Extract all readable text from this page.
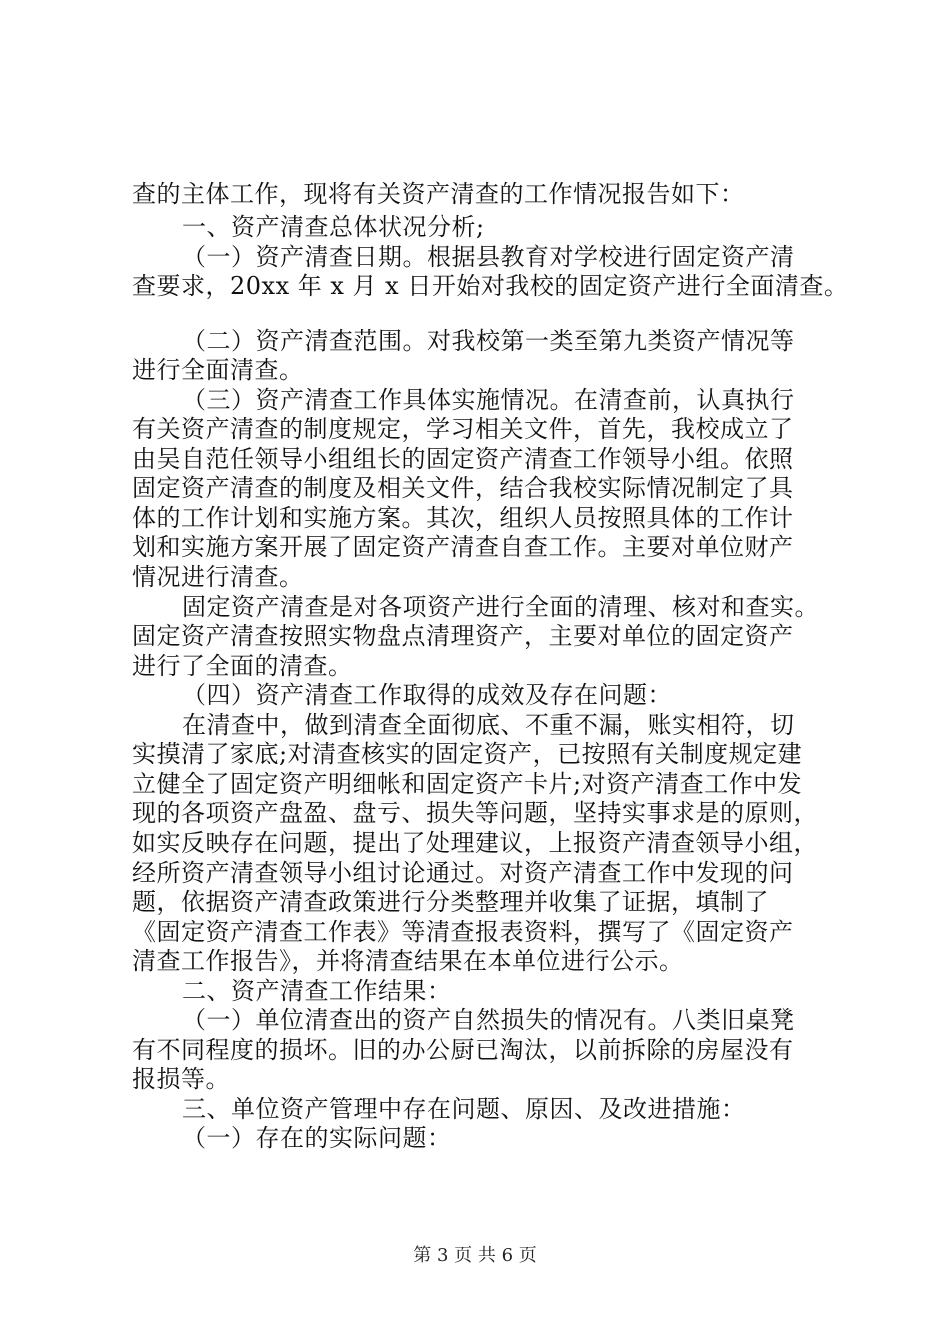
查的主体工作，现将有关资产清查的工作情况报告如下：
一、资产清查总体状况分析;
（一）资产清查日期。根据县教育对学校进行固定资产清
查要求，20xx 年 x 月 x 日开始对我校的固定资产进行全面清查。
（二）资产清查范围。对我校第一类至第九类资产情况等
进行全面清查。
（三）资产清查工作具体实施情况。在清查前，认真执行
有关资产清查的制度规定，学习相关文件，首先，我校成立了
由吴自范任领导小组组长的固定资产清查工作领导小组。依照
固定资产清查的制度及相关文件，结合我校实际情况制定了具
体的工作计划和实施方案。其次，组织人员按照具体的工作计
划和实施方案开展了固定资产清查自查工作。主要对单位财产
情况进行清查。
固定资产清查是对各项资产进行全面的清理、核对和查实。
固定资产清查按照实物盘点清理资产，主要对单位的固定资产
进行了全面的清查。
（四）资产清查工作取得的成效及存在问题：
在清查中，做到清查全面彻底、不重不漏，账实相符，切
实摸清了家底;对清查核实的固定资产，已按照有关制度规定建
立健全了固定资产明细帐和固定资产卡片;对资产清查工作中发
现的各项资产盘盈、盘亏、损失等问题，坚持实事求是的原则，
如实反映存在问题，提出了处理建议，上报资产清查领导小组，
经所资产清查领导小组讨论通过。对资产清查工作中发现的问
题，依据资产清查政策进行分类整理并收集了证据，填制了
《固定资产清查工作表》等清查报表资料，撰写了《固定资产
清查工作报告》，并将清查结果在本单位进行公示。
二、资产清查工作结果：
（一）单位清查出的资产自然损失的情况有。八类旧桌凳
有不同程度的损坏。旧的办公厨已淘汰，以前拆除的房屋没有
报损等。
三、单位资产管理中存在问题、原因、及改进措施：
（一）存在的实际问题：
第 3 页 共 6 页
